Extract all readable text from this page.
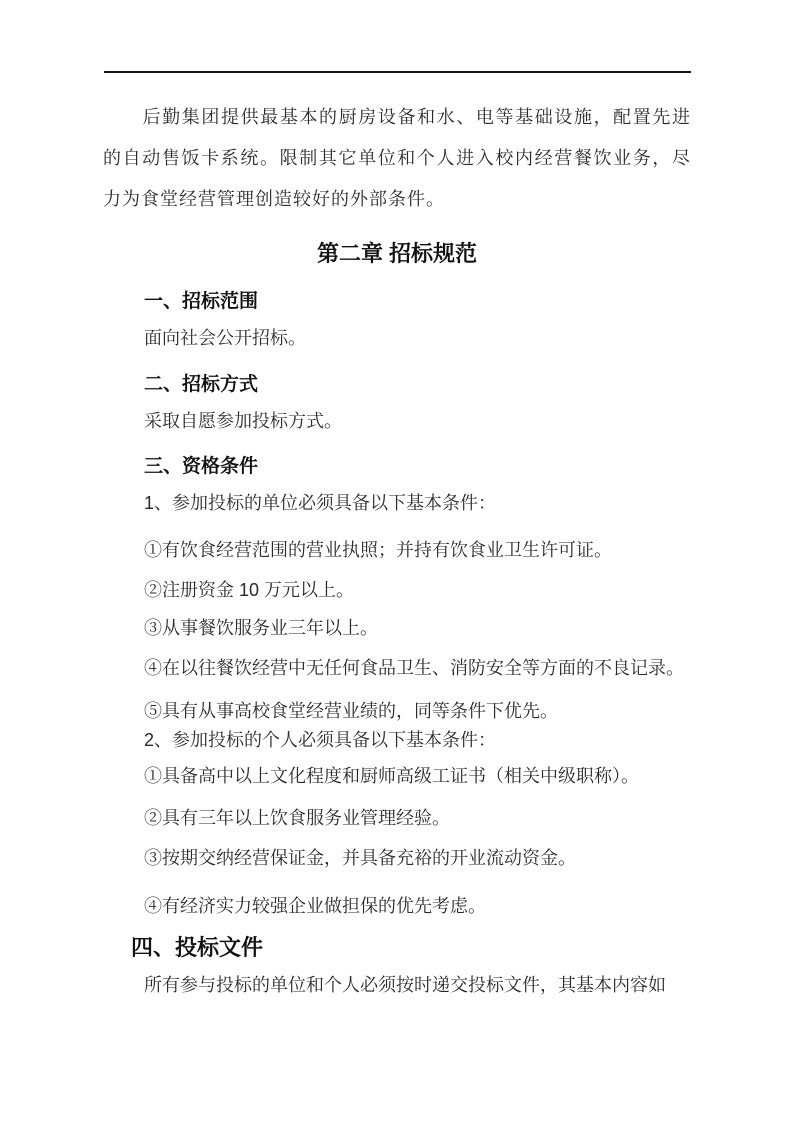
后勤集团提供最基本的厨房设备和水、电等基础设施，配置先进的自动售饭卡系统。限制其它单位和个人进入校内经营餐饮业务，尽力为食堂经营管理创造较好的外部条件。

第二章 招标规范
一、招标范围

面向社会公开招标。

二、招标方式

采取自愿参加投标方式。

三、资格条件

1、参加投标的单位必须具备以下基本条件：

①有饮食经营范围的营业执照；并持有饮食业卫生许可证。

②注册资金 10 万元以上。

③从事餐饮服务业三年以上。

④在以往餐饮经营中无任何食品卫生、消防安全等方面的不良记录。

⑤具有从事高校食堂经营业绩的，同等条件下优先。

2、参加投标的个人必须具备以下基本条件：

①具备高中以上文化程度和厨师高级工证书（相关中级职称）。

②具有三年以上饮食服务业管理经验。

③按期交纳经营保证金，并具备充裕的开业流动资金。

④有经济实力较强企业做担保的优先考虑。

四、投标文件

所有参与投标的单位和个人必须按时递交投标文件，其基本内容如
